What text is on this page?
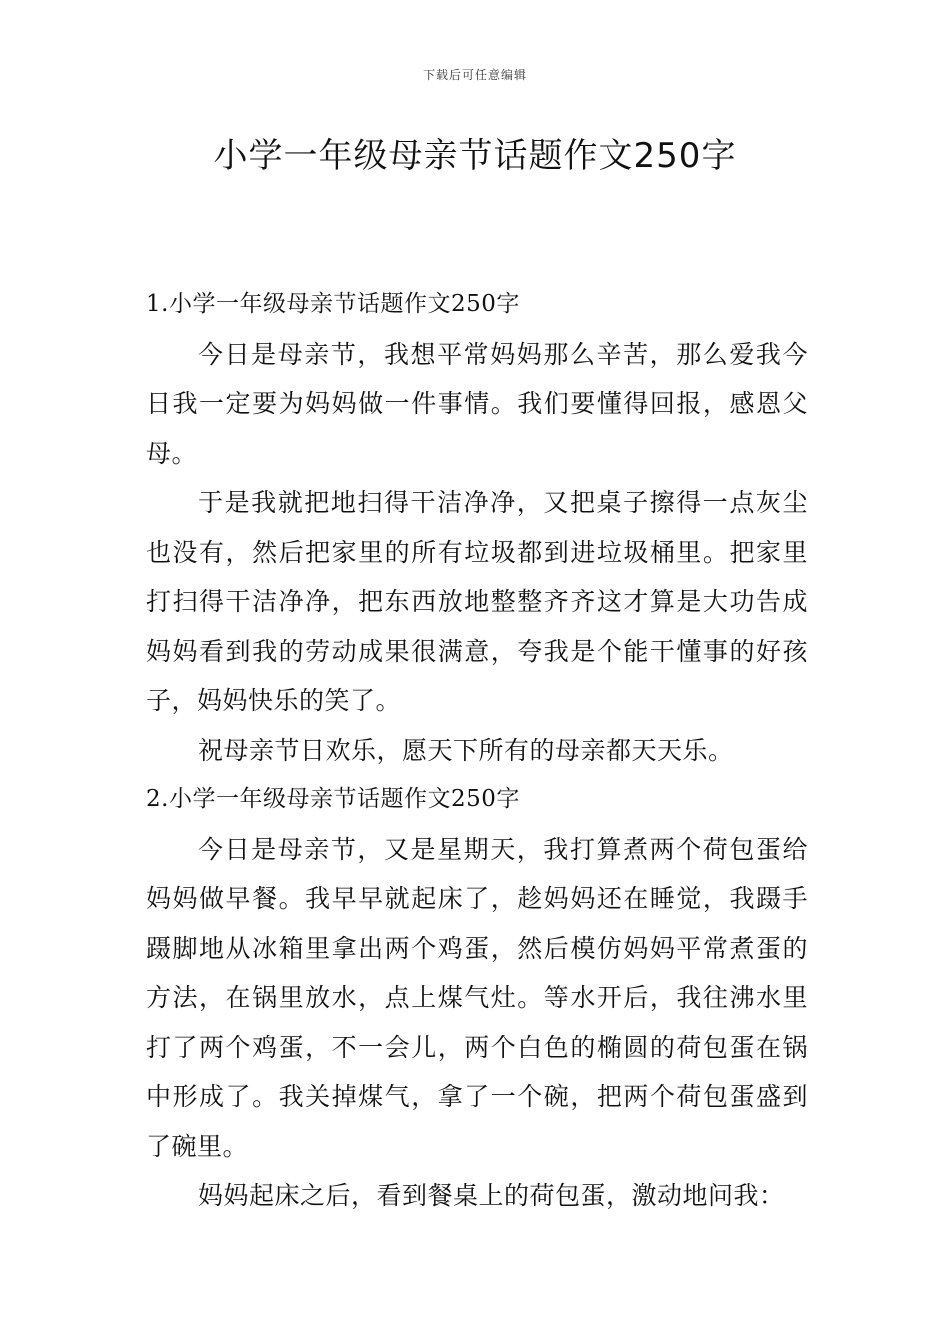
下载后可任意编辑
小学一年级母亲节话题作文250字

1.小学一年级母亲节话题作文250字

今日是母亲节，我想平常妈妈那么辛苦，那么爱我今日我一定要为妈妈做一件事情。我们要懂得回报，感恩父母。

于是我就把地扫得干洁净净，又把桌子擦得一点灰尘也没有，然后把家里的所有垃圾都到进垃圾桶里。把家里打扫得干洁净净，把东西放地整整齐齐这才算是大功告成妈妈看到我的劳动成果很满意，夸我是个能干懂事的好孩子，妈妈快乐的笑了。

祝母亲节日欢乐，愿天下所有的母亲都天天乐。

2.小学一年级母亲节话题作文250字

今日是母亲节，又是星期天，我打算煮两个荷包蛋给妈妈做早餐。我早早就起床了，趁妈妈还在睡觉，我蹑手蹑脚地从冰箱里拿出两个鸡蛋，然后模仿妈妈平常煮蛋的方法，在锅里放水，点上煤气灶。等水开后，我往沸水里打了两个鸡蛋，不一会儿，两个白色的椭圆的荷包蛋在锅中形成了。我关掉煤气，拿了一个碗，把两个荷包蛋盛到了碗里。

妈妈起床之后，看到餐桌上的荷包蛋，激动地问我：
